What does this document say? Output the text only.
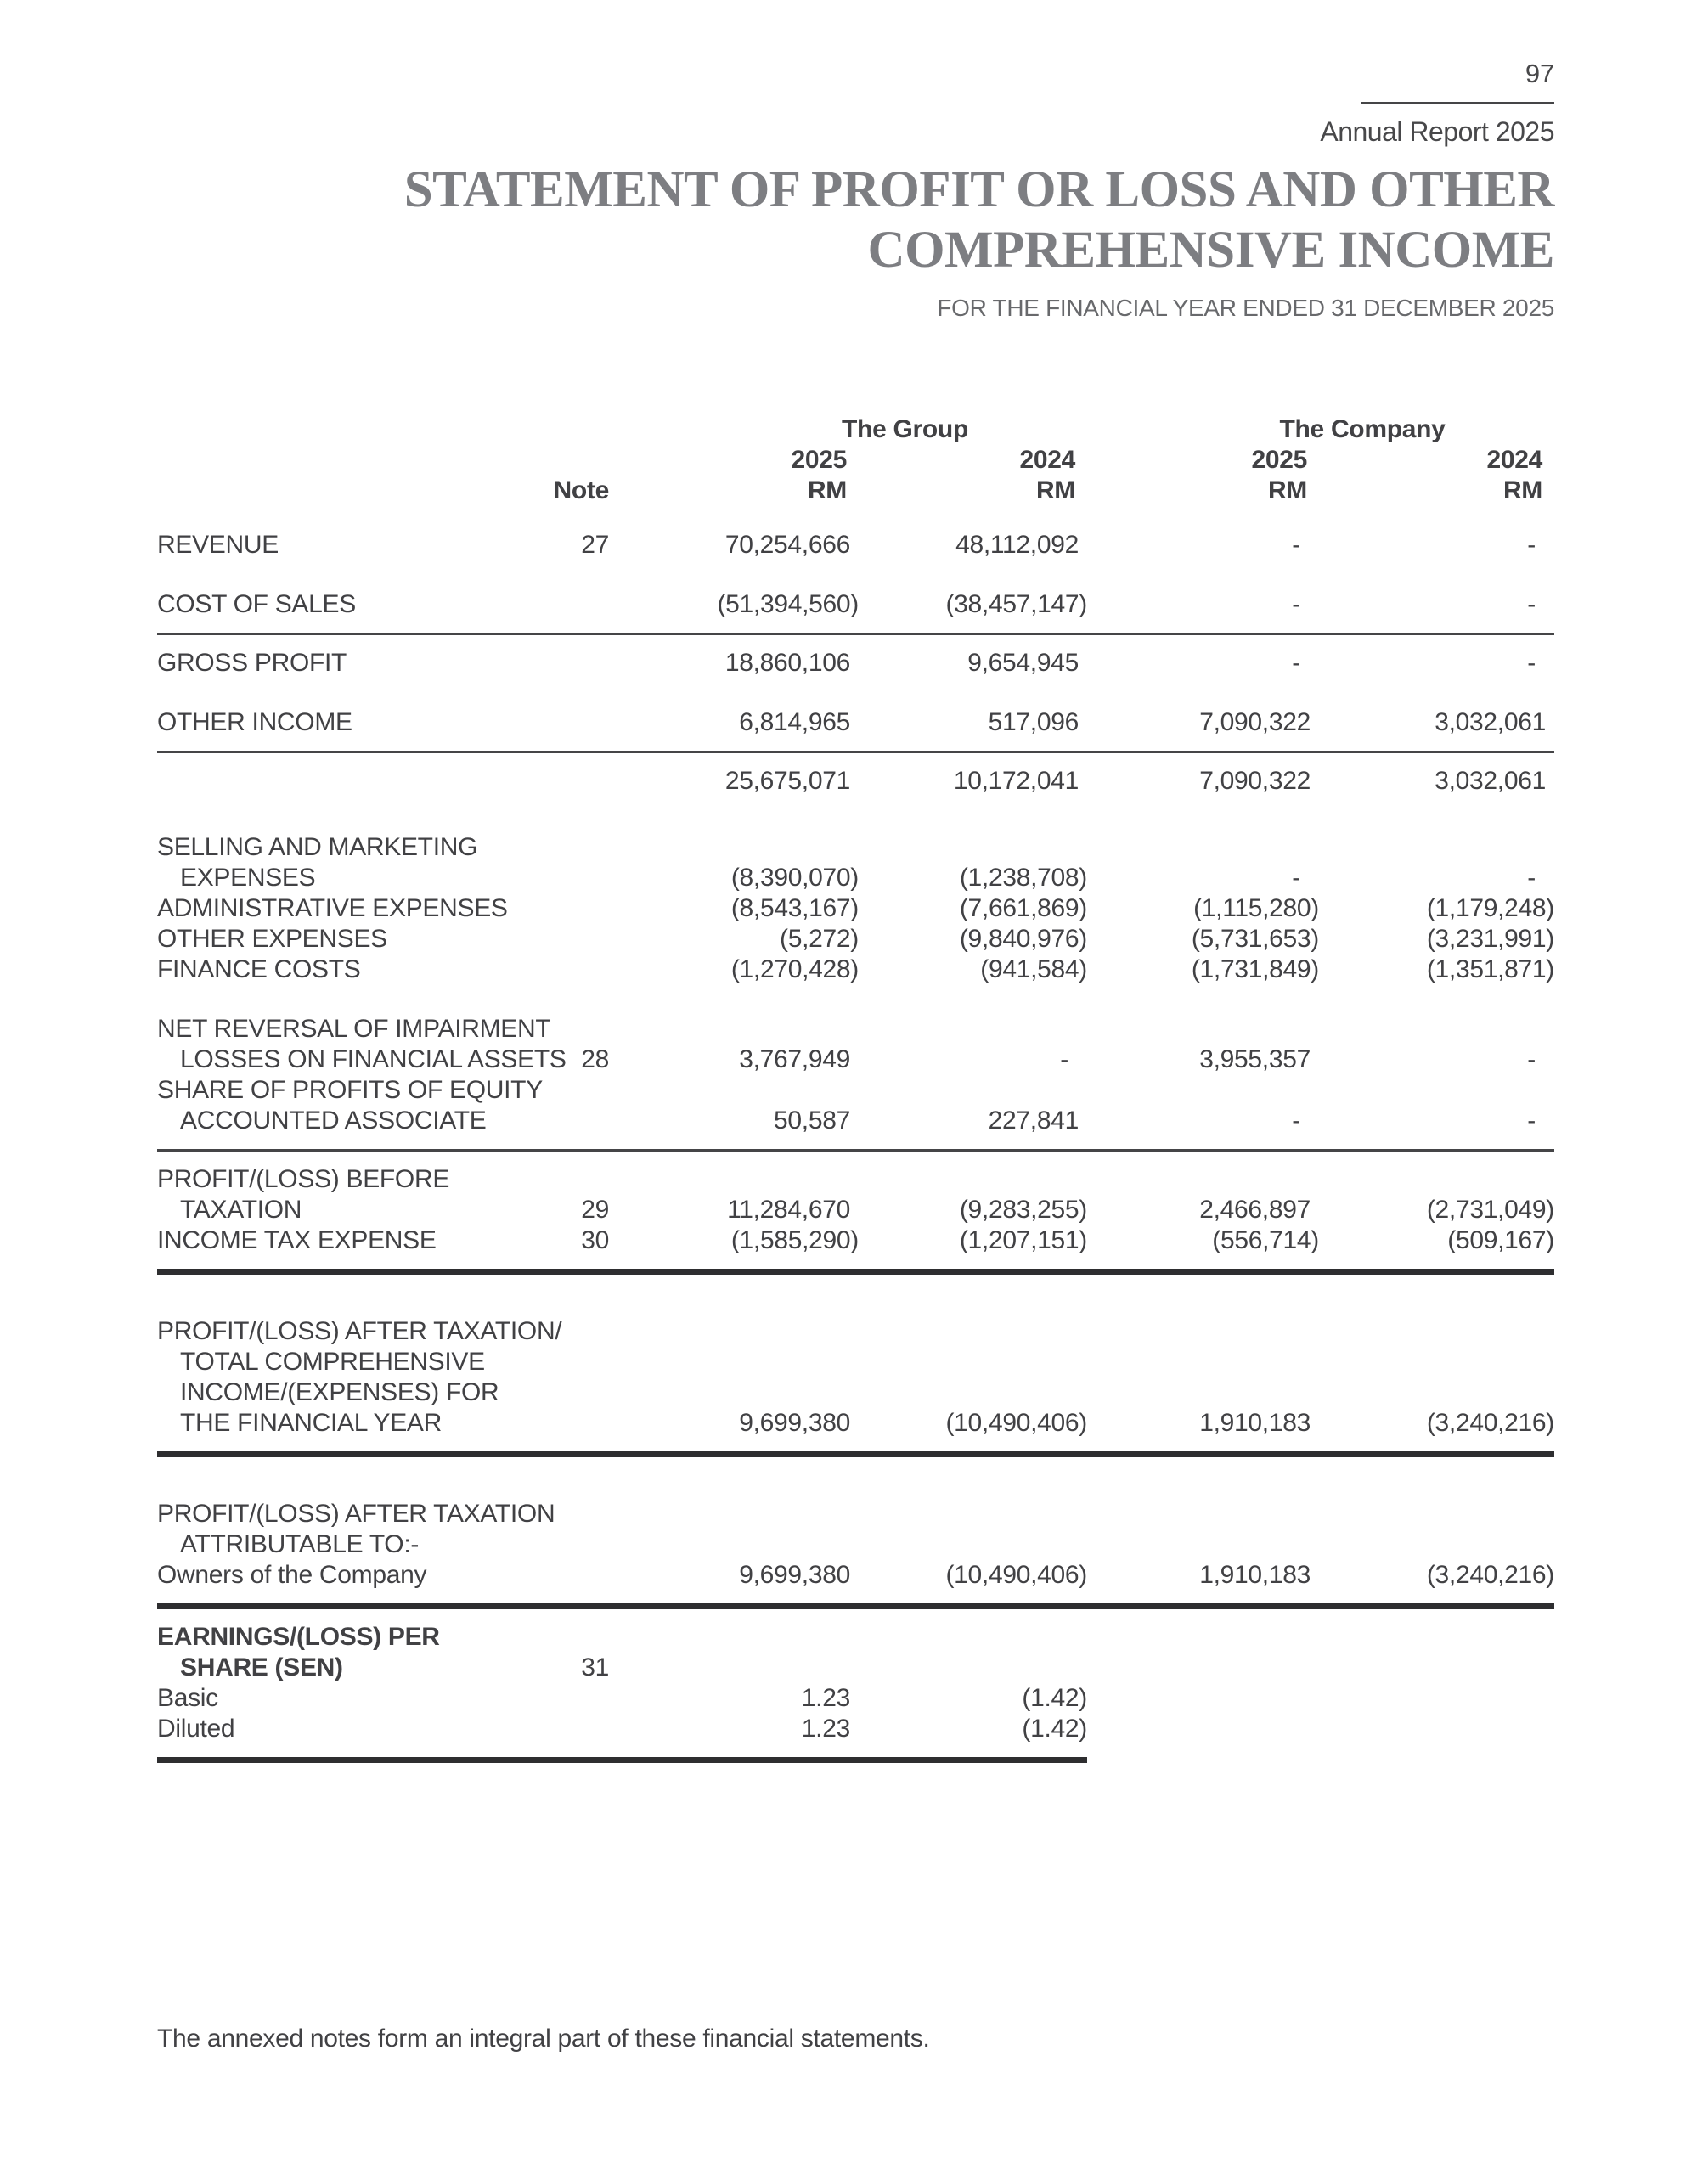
97
Annual Report 2025
STATEMENT OF PROFIT OR LOSS AND OTHER
COMPREHENSIVE INCOME
FOR THE FINANCIAL YEAR ENDED 31 DECEMBER 2025
		The Group		The Company	
		2025	2024	2025	2024
	Note	RM	RM	RM	RM

REVENUE	27	70,254,666	48,112,092	-	-

COST OF SALES		(51,394,560)	(38,457,147)	-	-

GROSS PROFIT		18,860,106	9,654,945	-	-

OTHER INCOME		6,814,965	517,096	7,090,322	3,032,061

		25,675,071	10,172,041	7,090,322	3,032,061

SELLING AND MARKETING
EXPENSES		(8,390,070)	(1,238,708)	-	-

ADMINISTRATIVE EXPENSES		(8,543,167)	(7,661,869)	(1,115,280)	(1,179,248)

OTHER EXPENSES		(5,272)	(9,840,976)	(5,731,653)	(3,231,991)

FINANCE COSTS		(1,270,428)	(941,584)	(1,731,849)	(1,351,871)

NET REVERSAL OF IMPAIRMENT
LOSSES ON FINANCIAL ASSETS	28	3,767,949	-	3,955,357	-

SHARE OF PROFITS OF EQUITY
ACCOUNTED ASSOCIATE		50,587	227,841	-	-

PROFIT/(LOSS) BEFORE
TAXATION	29	11,284,670	(9,283,255)	2,466,897	(2,731,049)

INCOME TAX EXPENSE	30	(1,585,290)	(1,207,151)	(556,714)	(509,167)

PROFIT/(LOSS) AFTER TAXATION/
TOTAL COMPREHENSIVE
INCOME/(EXPENSES) FOR
THE FINANCIAL YEAR		9,699,380	(10,490,406)	1,910,183	(3,240,216)

PROFIT/(LOSS) AFTER TAXATION
ATTRIBUTABLE TO:-					

Owners of the Company		9,699,380	(10,490,406)	1,910,183	(3,240,216)

EARNINGS/(LOSS) PER
SHARE (SEN)	31				

Basic		1.23	(1.42)		

Diluted		1.23	(1.42)		

The annexed notes form an integral part of these financial statements.
